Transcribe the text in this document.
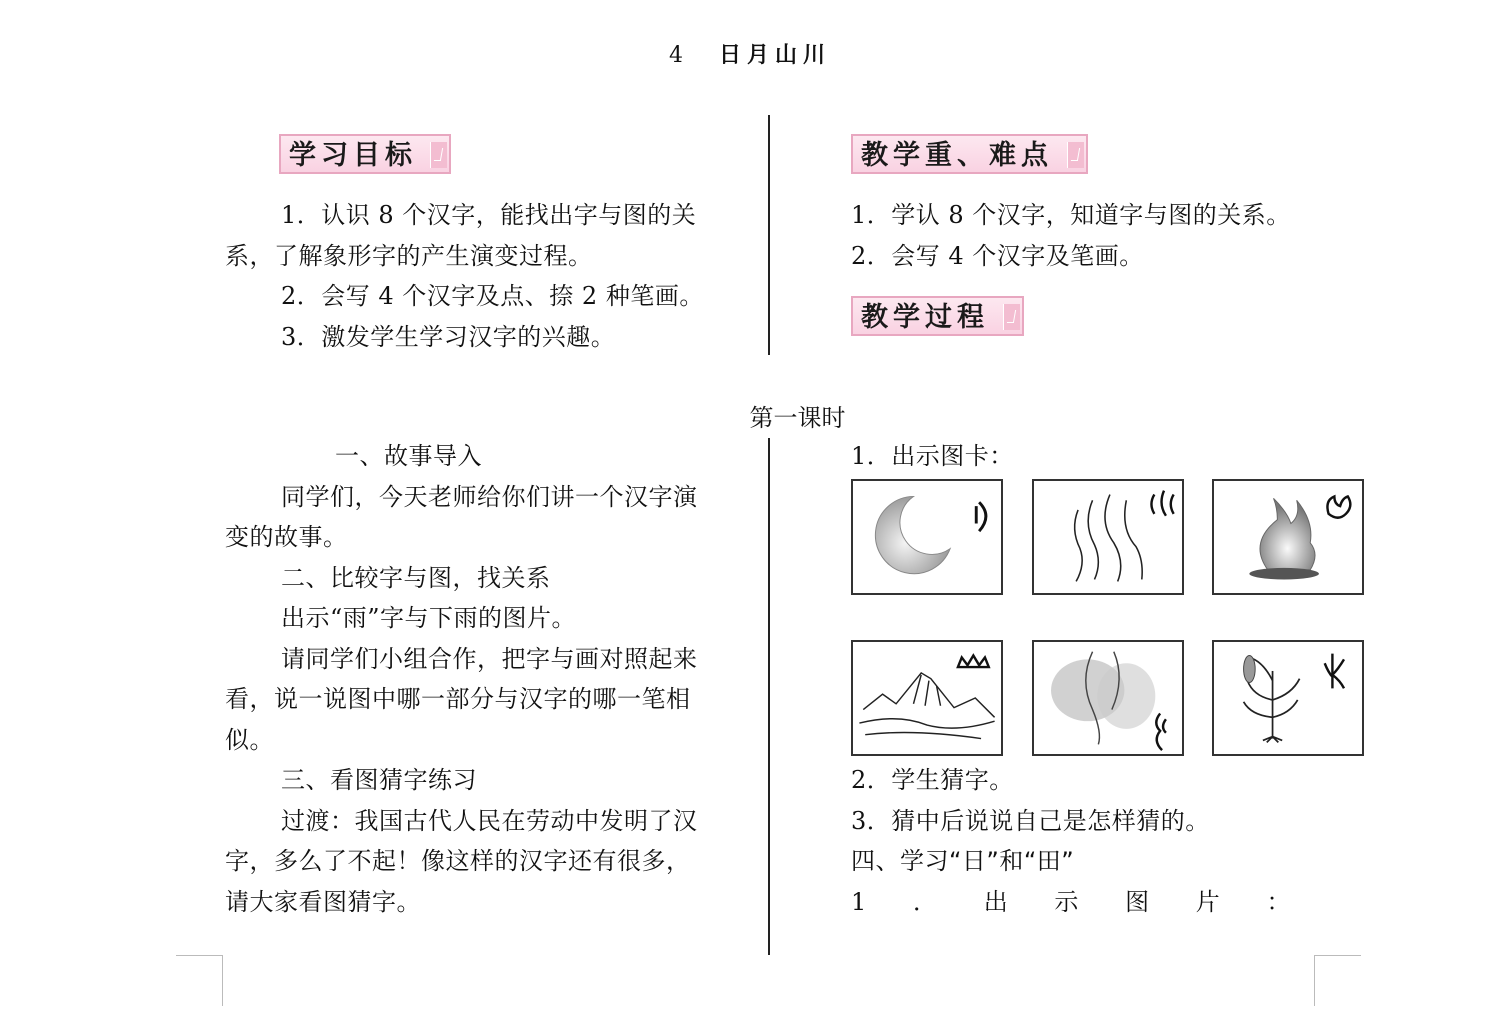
4 日月山川
学习目标

1．认识 8 个汉字，能找出字与图的关

系，了解象形字的产生演变过程。

2．会写 4 个汉字及点、捺 2 种笔画。

3．激发学生学习汉字的兴趣。

教学重、难点

1．学认 8 个汉字，知道字与图的关系。

2．会写 4 个汉字及笔画。

教学过程
第一课时

一、故事导入

同学们，今天老师给你们讲一个汉字演

变的故事。

二、比较字与图，找关系

出示“雨”字与下雨的图片。

请同学们小组合作，把字与画对照起来

看，说一说图中哪一部分与汉字的哪一笔相

似。

三、看图猜字练习

过渡：我国古代人民在劳动中发明了汉

字，多么了不起！像这样的汉字还有很多，

请大家看图猜字。

1．出示图卡：

2．学生猜字。

3．猜中后说说自己是怎样猜的。

四、学习“日”和“田”

1 ． 出 示 图 片 ：
